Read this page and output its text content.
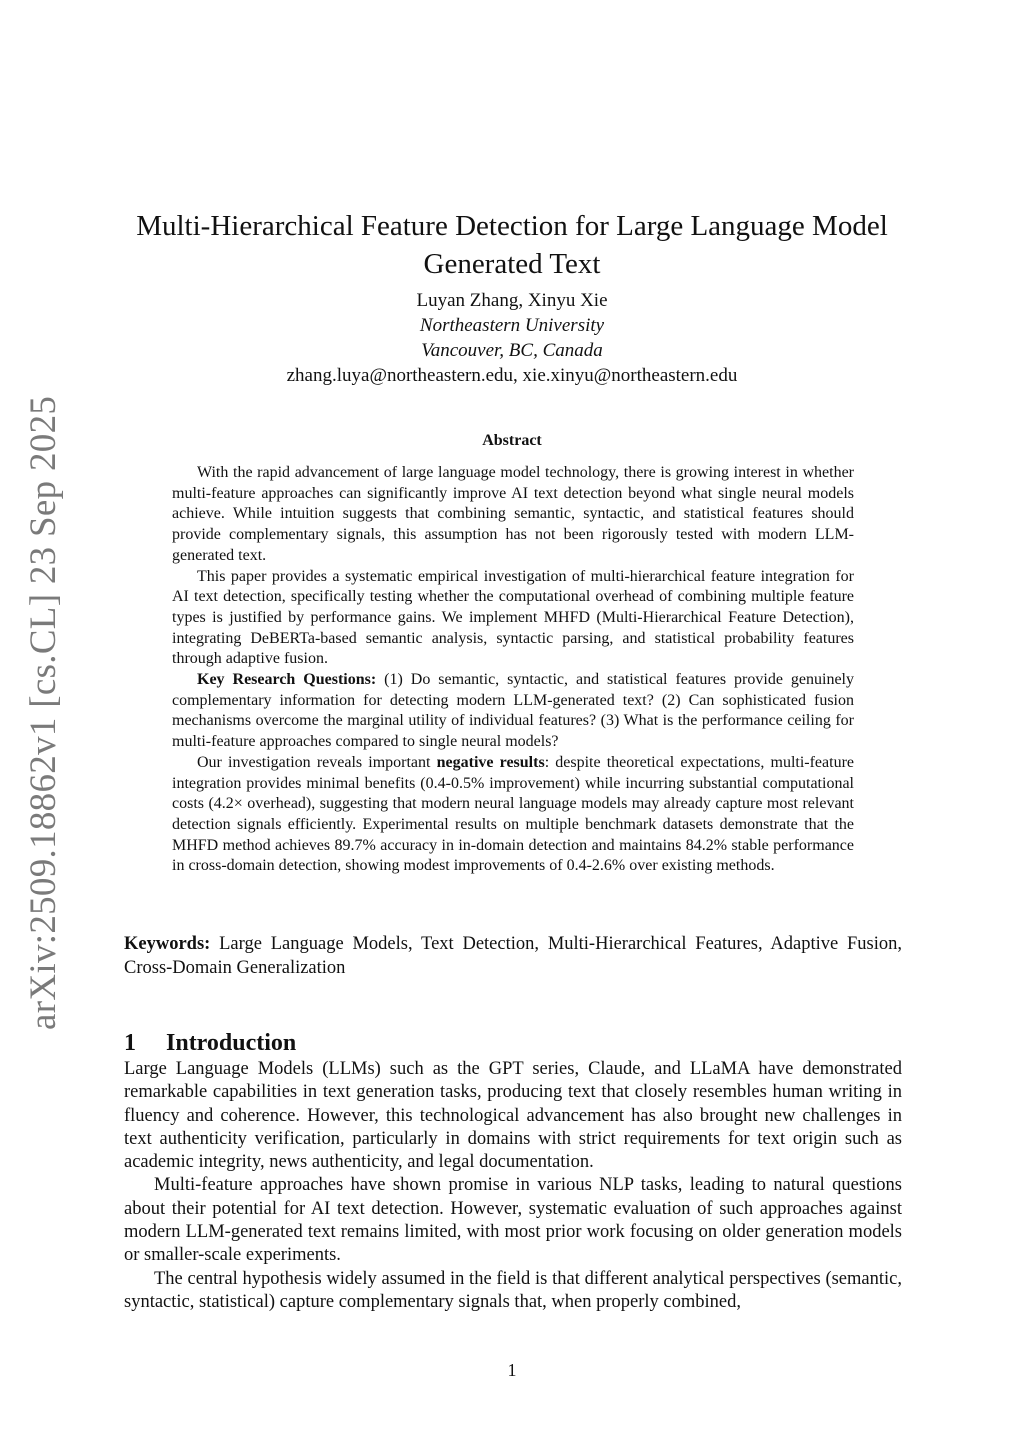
arXiv:2509.18862v1 [cs.CL] 23 Sep 2025
Multi-Hierarchical Feature Detection for Large Language Model
Generated Text
Luyan Zhang, Xinyu Xie
Northeastern University
Vancouver, BC, Canada
zhang.luya@northeastern.edu, xie.xinyu@northeastern.edu
Abstract

With the rapid advancement of large language model technology, there is growing interest in whether multi-feature approaches can significantly improve AI text detection beyond what single neural models achieve. While intuition suggests that combining semantic, syntactic, and statistical features should provide complementary signals, this assumption has not been rigorously tested with modern LLM-generated text.

This paper provides a systematic empirical investigation of multi-hierarchical feature integration for AI text detection, specifically testing whether the computational overhead of combining multiple feature types is justified by performance gains. We implement MHFD (Multi-Hierarchical Feature Detection), integrating DeBERTa-based semantic analysis, syntactic parsing, and statistical probability features through adaptive fusion.

Key Research Questions: (1) Do semantic, syntactic, and statistical features provide genuinely complementary information for detecting modern LLM-generated text? (2) Can sophisticated fusion mechanisms overcome the marginal utility of individual features? (3) What is the performance ceiling for multi-feature approaches compared to single neural models?

Our investigation reveals important negative results: despite theoretical expectations, multi-feature integration provides minimal benefits (0.4-0.5% improvement) while incurring substantial computational costs (4.2× overhead), suggesting that modern neural language models may already capture most relevant detection signals efficiently. Experimental results on multiple benchmark datasets demonstrate that the MHFD method achieves 89.7% accuracy in in-domain detection and maintains 84.2% stable performance in cross-domain detection, showing modest improvements of 0.4-2.6% over existing methods.

Keywords: Large Language Models, Text Detection, Multi-Hierarchical Features, Adaptive Fusion, Cross-Domain Generalization
1 Introduction

Large Language Models (LLMs) such as the GPT series, Claude, and LLaMA have demonstrated remarkable capabilities in text generation tasks, producing text that closely resembles human writing in fluency and coherence. However, this technological advancement has also brought new challenges in text authenticity verification, particularly in domains with strict requirements for text origin such as academic integrity, news authenticity, and legal documentation.

Multi-feature approaches have shown promise in various NLP tasks, leading to natural questions about their potential for AI text detection. However, systematic evaluation of such approaches against modern LLM-generated text remains limited, with most prior work focusing on older generation models or smaller-scale experiments.

The central hypothesis widely assumed in the field is that different analytical perspectives (semantic, syntactic, statistical) capture complementary signals that, when properly combined,

1
